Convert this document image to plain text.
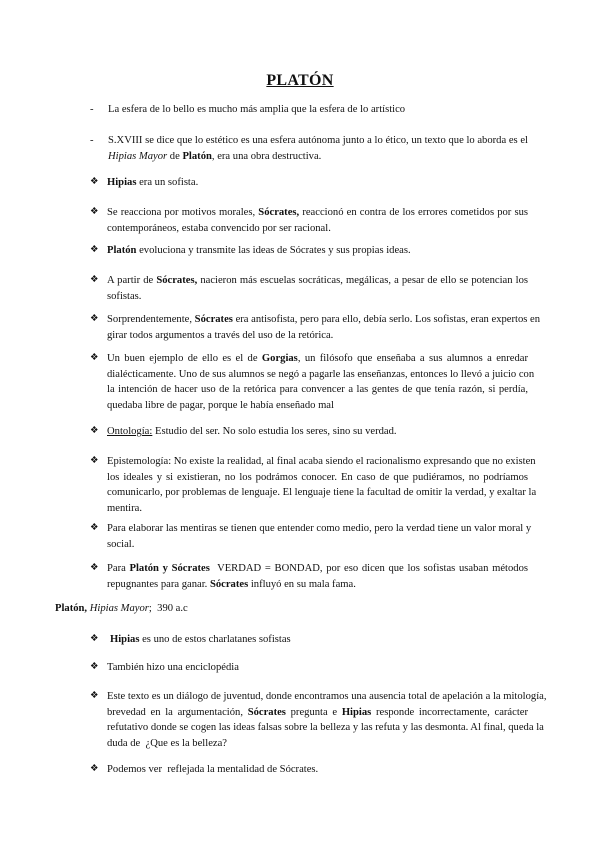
PLATÓN
-	La esfera de lo bello es mucho más amplia que la esfera de lo artístico
-	S.XVIII se dice que lo estético es una esfera autónoma junto a lo ético, un texto que lo aborda es el
Hipias Mayor de Platón, era una obra destructiva.
❖ Hipias era un sofista.
❖ Se reacciona por motivos morales, Sócrates, reaccionó en contra de los errores cometidos por sus
contemporáneos, estaba convencido por ser racional.
❖ Platón evoluciona y transmite las ideas de Sócrates y sus propias ideas.
❖ A partir de Sócrates, nacieron más escuelas socráticas, megálicas, a pesar de ello se potencian los
sofistas.
❖ Sorprendentemente, Sócrates era antisofista, pero para ello, debía serlo. Los sofistas, eran expertos en
girar todos argumentos a través del uso de la retórica.
❖ Un buen ejemplo de ello es el de Gorgias, un filósofo que enseñaba a sus alumnos a enredar
dialécticamente. Uno de sus alumnos se negó a pagarle las enseñanzas, entonces lo llevó a juicio con
la intención de hacer uso de la retórica para convencer a las gentes de que tenía razón, si perdía,
quedaba libre de pagar, porque le había enseñado mal
❖ Ontología: Estudio del ser. No solo estudia los seres, sino su verdad.
❖ Epistemología: No existe la realidad, al final acaba siendo el racionalismo expresando que no existen
los ideales y si existieran, no los podrámos conocer. En caso de que pudiéramos, no podríamos
comunicarlo, por problemas de lenguaje. El lenguaje tiene la facultad de omitir la verdad, y exaltar la
mentira.
❖ Para elaborar las mentiras se tienen que entender como medio, pero la verdad tiene un valor moral y
social.
❖ Para Platón y Sócrates  VERDAD = BONDAD, por eso dicen que los sofistas usaban métodos
repugnantes para ganar. Sócrates influyó en su mala fama.
Platón, Hipias Mayor;  390 a.c
❖	Hipias es uno de estos charlatanes sofistas
❖ También hizo una enciclopédia
❖ Este texto es un diálogo de juventud, donde encontramos una ausencia total de apelación a la mitología,
brevedad en la argumentación, Sócrates pregunta e Hipias responde incorrectamente, carácter
refutativo donde se cogen las ideas falsas sobre la belleza y las refuta y las desmonta. Al final, queda la
duda de  ¿Que es la belleza?
❖ Podemos ver  reflejada la mentalidad de Sócrates.
